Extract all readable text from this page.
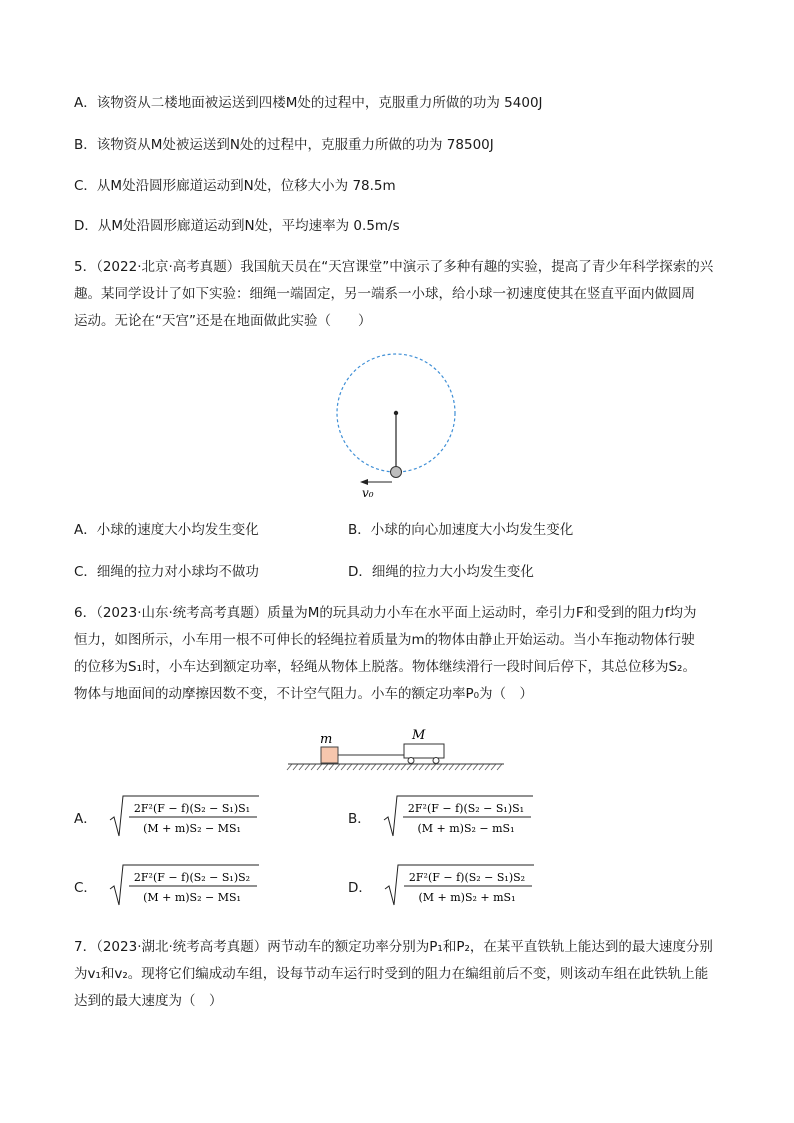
A．该物资从二楼地面被运送到四楼M处的过程中，克服重力所做的功为 5400J
B．该物资从M处被运送到N处的过程中，克服重力所做的功为 78500J
C．从M处沿圆形廊道运动到N处，位移大小为 78.5m
D．从M处沿圆形廊道运动到N处，平均速率为 0.5m/s
5．（2022·北京·高考真题）我国航天员在“天宫课堂”中演示了多种有趣的实验，提高了青少年科学探索的兴
趣。某同学设计了如下实验：细绳一端固定，另一端系一小球，给小球一初速度使其在竖直平面内做圆周
运动。无论在“天宫”还是在地面做此实验（　　）
v₀
A．小球的速度大小均发生变化	B．小球的向心加速度大小均发生变化
C．细绳的拉力对小球均不做功	D．细绳的拉力大小均发生变化
6．（2023·山东·统考高考真题）质量为M的玩具动力小车在水平面上运动时，牵引力F和受到的阻力f均为
恒力，如图所示，小车用一根不可伸长的轻绳拉着质量为m的物体由静止开始运动。当小车拖动物体行驶
的位移为S₁时，小车达到额定功率，轻绳从物体上脱落。物体继续滑行一段时间后停下，其总位移为S₂。
物体与地面间的动摩擦因数不变，不计空气阻力。小车的额定功率P₀为（　）
m	M
A．
2F²(F − f)(S₂ − S₁)S₁
(M + m)S₂ − MS₁
B．
2F²(F − f)(S₂ − S₁)S₁
(M + m)S₂ − mS₁
C．
2F²(F − f)(S₂ − S₁)S₂
(M + m)S₂ − MS₁
D．
2F²(F − f)(S₂ − S₁)S₂
(M + m)S₂ + mS₁
7．（2023·湖北·统考高考真题）两节动车的额定功率分别为P₁和P₂，在某平直铁轨上能达到的最大速度分别
为v₁和v₂。现将它们编成动车组，设每节动车运行时受到的阻力在编组前后不变，则该动车组在此铁轨上能
达到的最大速度为（　）
